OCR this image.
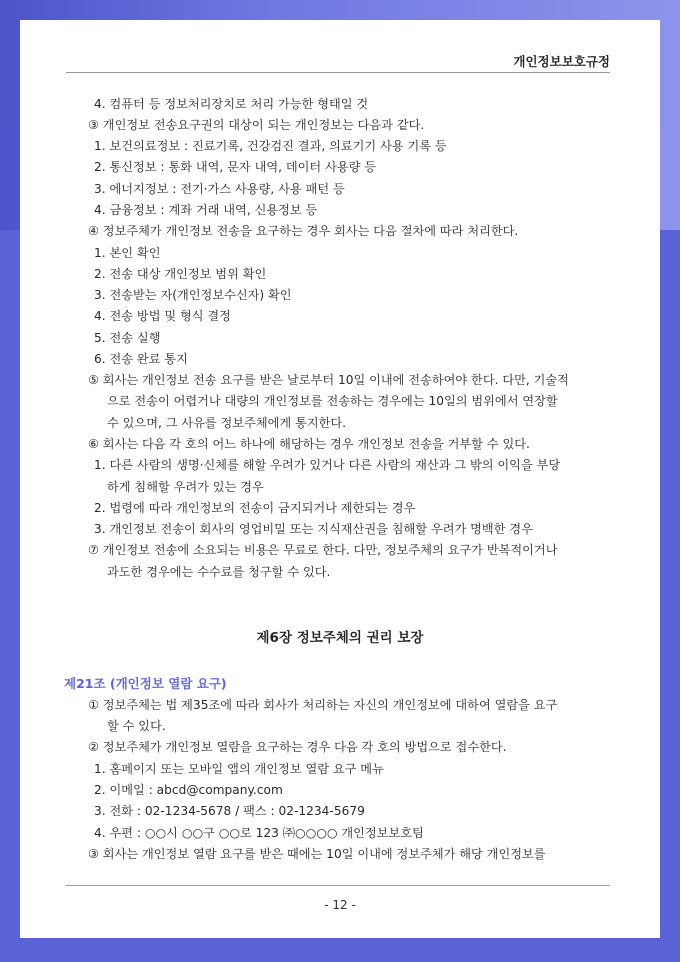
개인정보보호규정
4. 컴퓨터 등 정보처리장치로 처리 가능한 형태일 것
③ 개인정보 전송요구권의 대상이 되는 개인정보는 다음과 같다.
1. 보건의료정보 : 진료기록, 건강검진 결과, 의료기기 사용 기록 등
2. 통신정보 : 통화 내역, 문자 내역, 데이터 사용량 등
3. 에너지정보 : 전기·가스 사용량, 사용 패턴 등
4. 금융정보 : 계좌 거래 내역, 신용정보 등
④ 정보주체가 개인정보 전송을 요구하는 경우 회사는 다음 절차에 따라 처리한다.
1. 본인 확인
2. 전송 대상 개인정보 범위 확인
3. 전송받는 자(개인정보수신자) 확인
4. 전송 방법 및 형식 결정
5. 전송 실행
6. 전송 완료 통지
⑤ 회사는 개인정보 전송 요구를 받은 날로부터 10일 이내에 전송하여야 한다. 다만, 기술적
으로 전송이 어렵거나 대량의 개인정보를 전송하는 경우에는 10일의 범위에서 연장할
수 있으며, 그 사유를 정보주체에게 통지한다.
⑥ 회사는 다음 각 호의 어느 하나에 해당하는 경우 개인정보 전송을 거부할 수 있다.
1. 다른 사람의 생명·신체를 해할 우려가 있거나 다른 사람의 재산과 그 밖의 이익을 부당
하게 침해할 우려가 있는 경우
2. 법령에 따라 개인정보의 전송이 금지되거나 제한되는 경우
3. 개인정보 전송이 회사의 영업비밀 또는 지식재산권을 침해할 우려가 명백한 경우
⑦ 개인정보 전송에 소요되는 비용은 무료로 한다. 다만, 정보주체의 요구가 반복적이거나
과도한 경우에는 수수료를 청구할 수 있다.
제6장 정보주체의 권리 보장
제21조 (개인정보 열람 요구)
① 정보주체는 법 제35조에 따라 회사가 처리하는 자신의 개인정보에 대하여 열람을 요구
할 수 있다.
② 정보주체가 개인정보 열람을 요구하는 경우 다음 각 호의 방법으로 접수한다.
1. 홈페이지 또는 모바일 앱의 개인정보 열람 요구 메뉴
2. 이메일 : abcd@company.com
3. 전화 : 02-1234-5678 / 팩스 : 02-1234-5679
4. 우편 : ○○시 ○○구 ○○로 123 ㈜○○○○ 개인정보보호팀
③ 회사는 개인정보 열람 요구를 받은 때에는 10일 이내에 정보주체가 해당 개인정보를
- 12 -
